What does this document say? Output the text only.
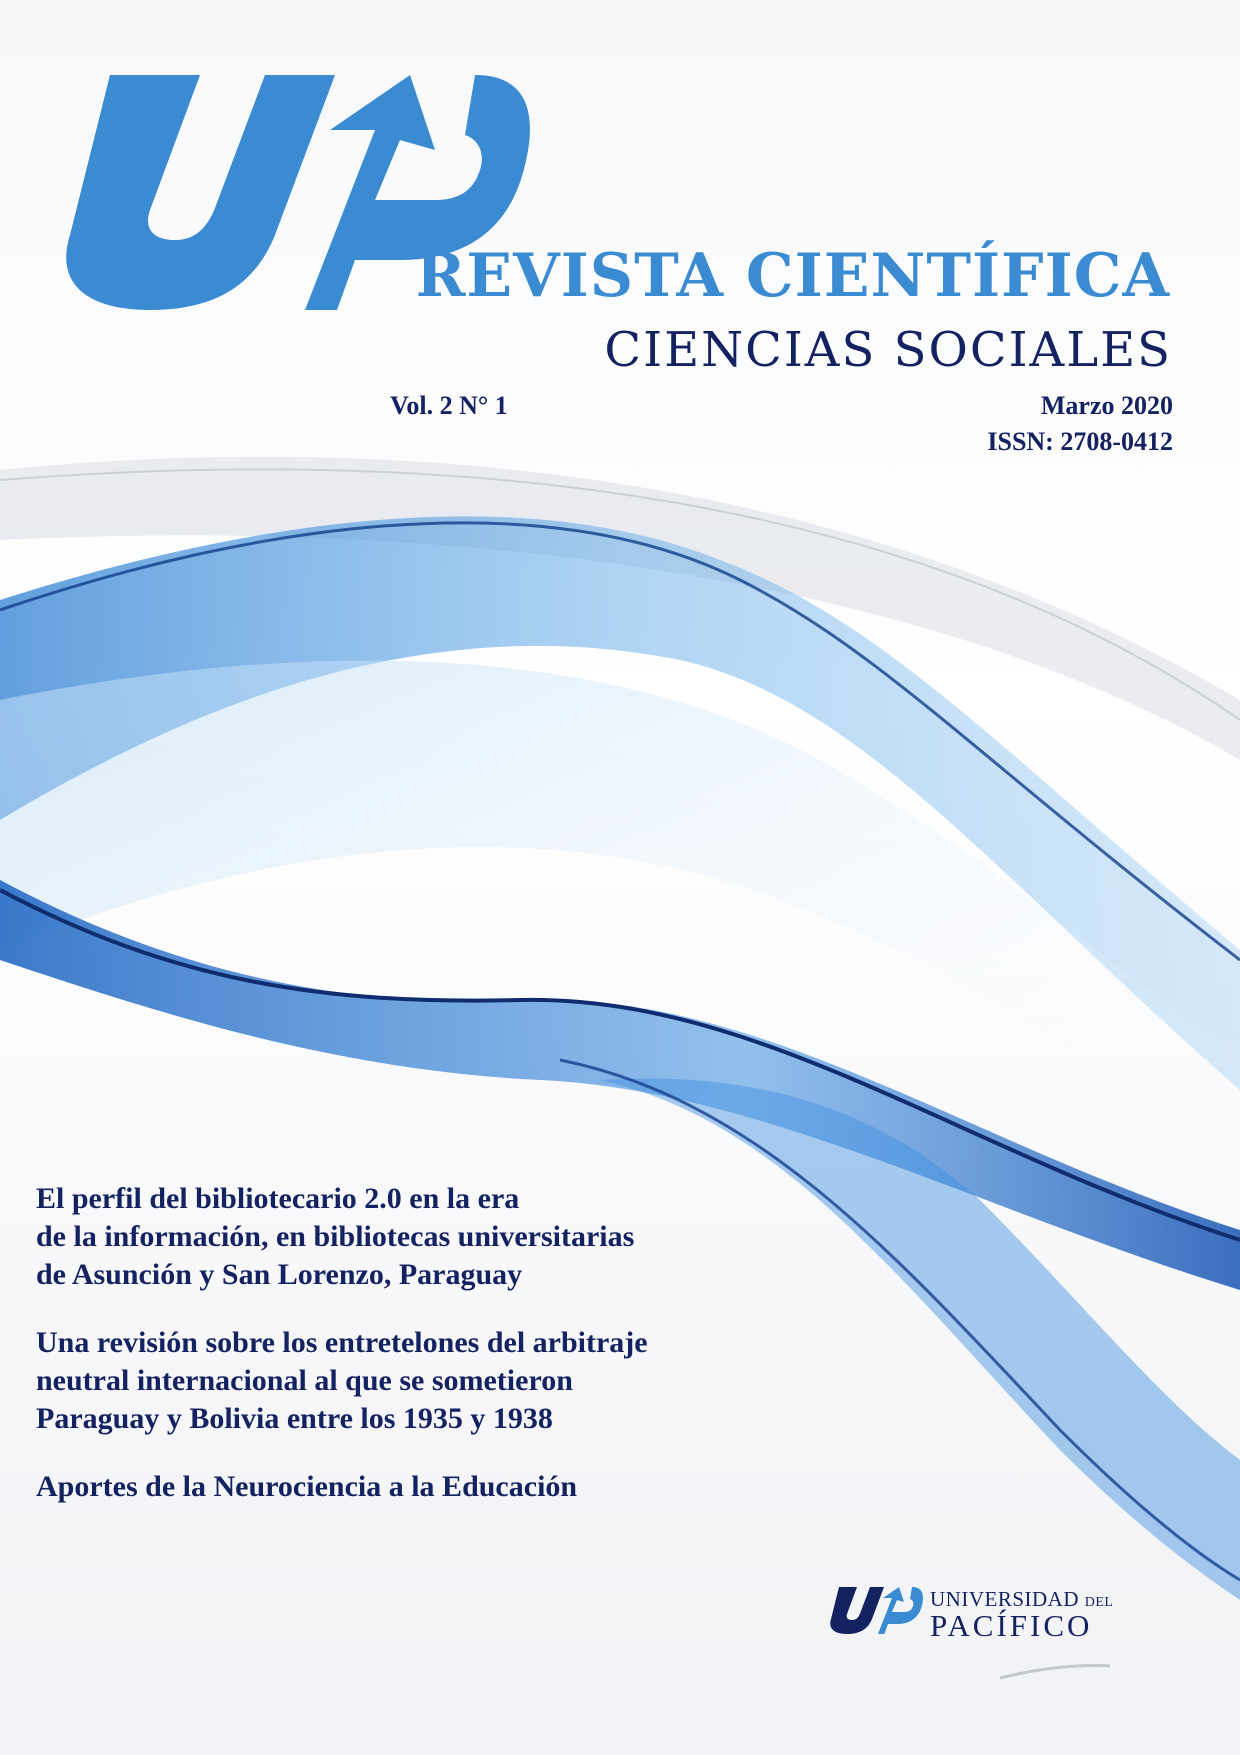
REVISTA CIENTÍFICA
CIENCIAS SOCIALES
Vol. 2 N° 1	Marzo 2020
ISSN: 2708-0412
El perfil del bibliotecario 2.0 en la era
de la información, en bibliotecas universitarias
de Asunción y San Lorenzo, Paraguay
Una revisión sobre los entretelones del arbitraje
neutral internacional al que se sometieron
Paraguay y Bolivia entre los 1935 y 1938
Aportes de la Neurociencia a la Educación
UNIVERSIDAD DEL
PACÍFICO
